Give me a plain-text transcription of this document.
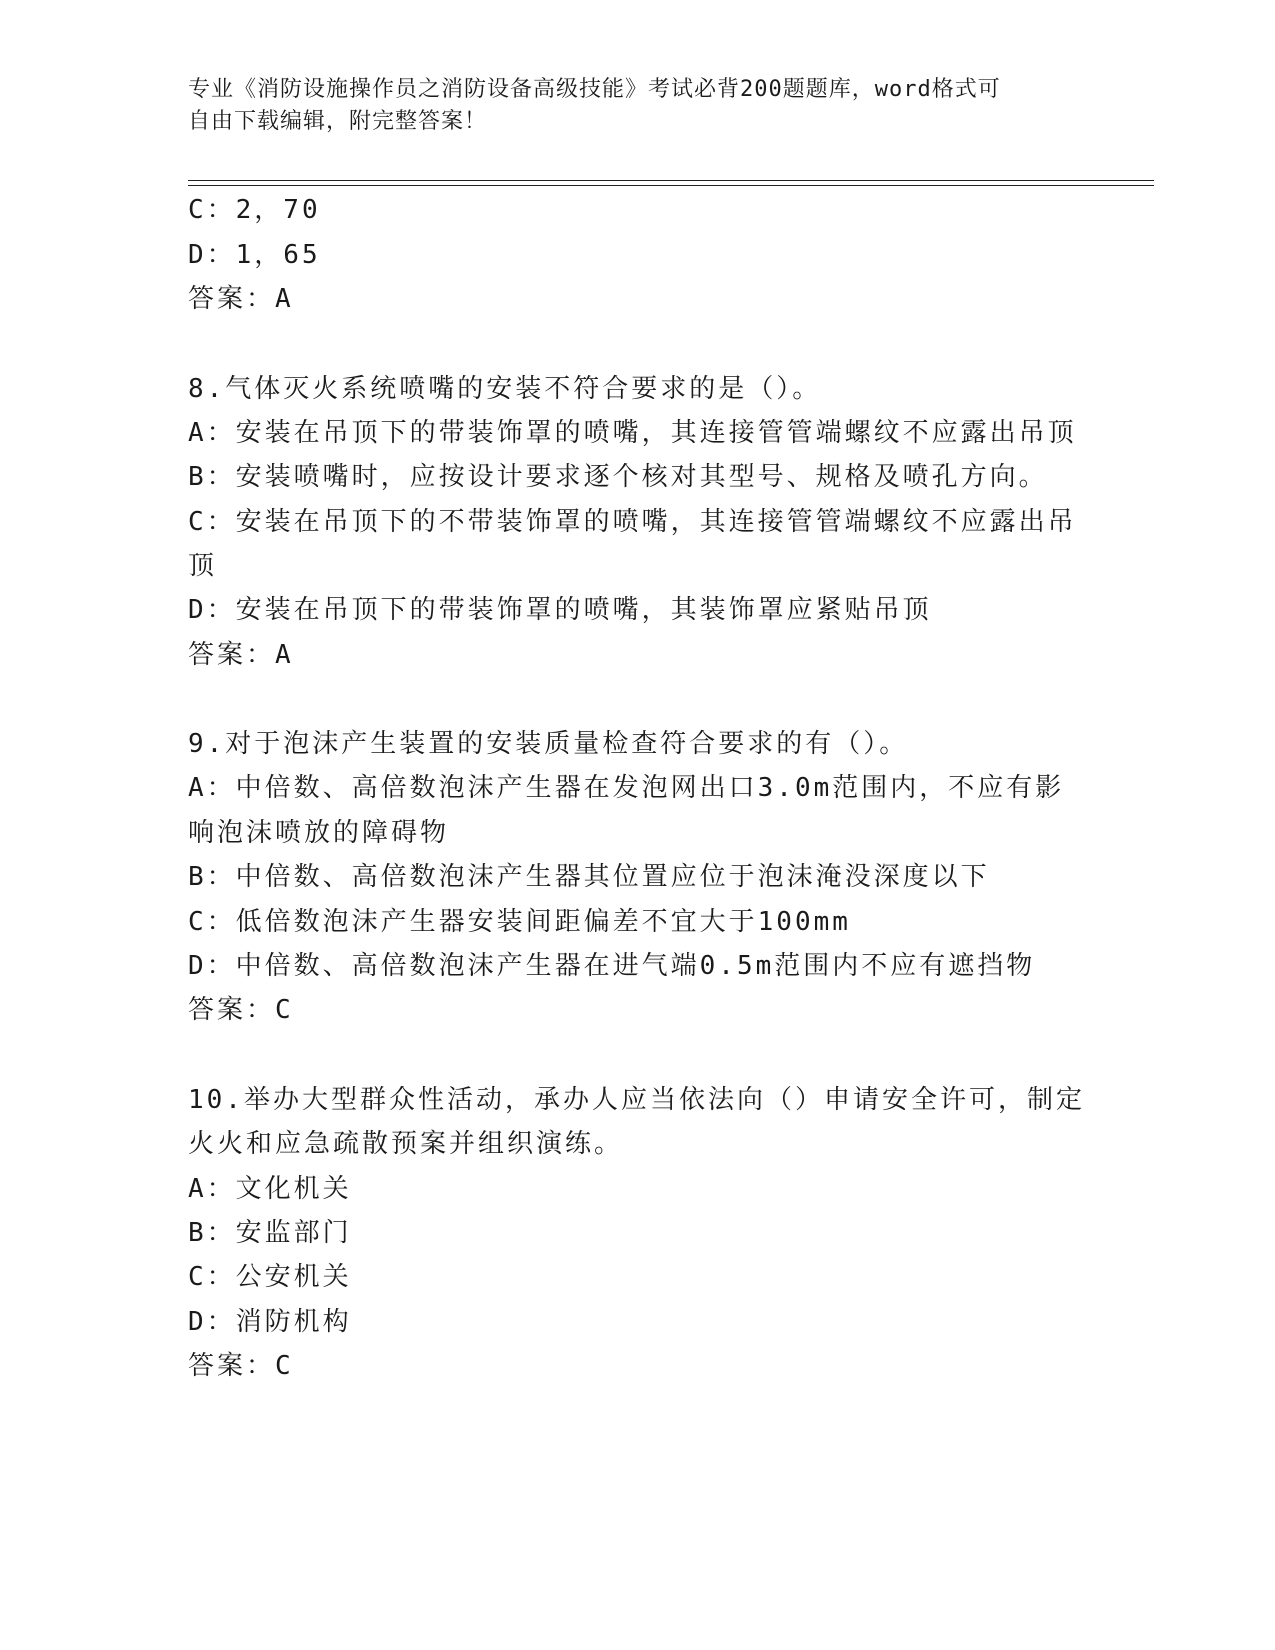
专业《消防设施操作员之消防设备高级技能》考试必背200题题库，word格式可
自由下载编辑，附完整答案！
C：2，70
D：1，65
答案：A
8.气体灭火系统喷嘴的安装不符合要求的是（）。
A：安装在吊顶下的带装饰罩的喷嘴，其连接管管端螺纹不应露出吊顶
B：安装喷嘴时，应按设计要求逐个核对其型号、规格及喷孔方向。
C：安装在吊顶下的不带装饰罩的喷嘴，其连接管管端螺纹不应露出吊
顶
D：安装在吊顶下的带装饰罩的喷嘴，其装饰罩应紧贴吊顶
答案：A
9.对于泡沫产生装置的安装质量检查符合要求的有（）。
A：中倍数、高倍数泡沫产生器在发泡网出口3.0m范围内，不应有影
响泡沫喷放的障碍物
B：中倍数、高倍数泡沫产生器其位置应位于泡沫淹没深度以下
C：低倍数泡沫产生器安装间距偏差不宜大于100mm
D：中倍数、高倍数泡沫产生器在进气端0.5m范围内不应有遮挡物
答案：C
10.举办大型群众性活动，承办人应当依法向（）申请安全许可，制定
火火和应急疏散预案并组织演练。
A：文化机关
B：安监部门
C：公安机关
D：消防机构
答案：C
